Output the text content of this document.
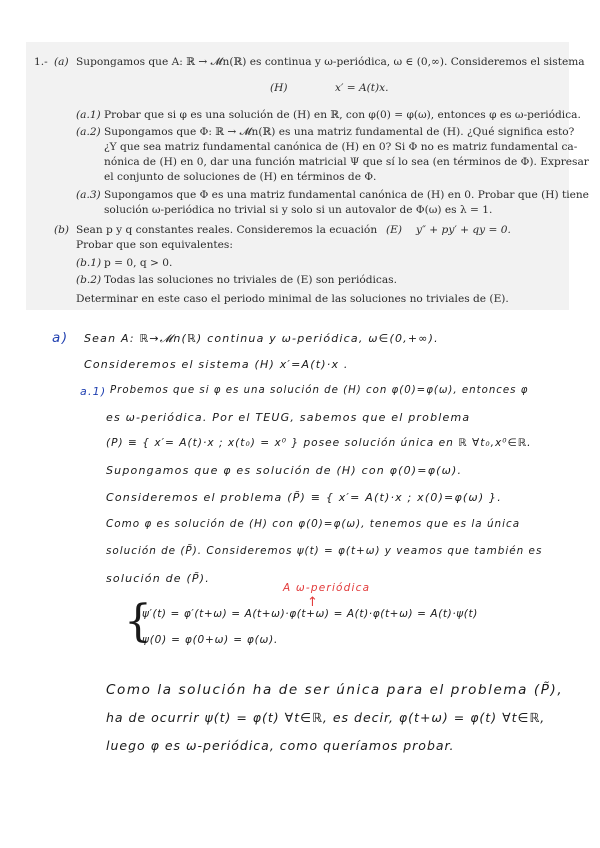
1.- (a) Supongamos que A: ℝ → 𝓜n(ℝ) es continua y ω-periódica, ω ∈ (0,∞). Consideremos el sistema
(H)	x′ = A(t)x.
(a.1) Probar que si φ es una solución de (H) en ℝ, con φ(0) = φ(ω), entonces φ es ω-periódica.
(a.2) Supongamos que Φ: ℝ → 𝓜n(ℝ) es una matriz fundamental de (H). ¿Qué significa esto?
¿Y que sea matriz fundamental canónica de (H) en 0? Si Φ no es matriz fundamental ca-
nónica de (H) en 0, dar una función matricial Ψ que sí lo sea (en términos de Φ). Expresar
el conjunto de soluciones de (H) en términos de Φ.
(a.3) Supongamos que Φ es una matriz fundamental canónica de (H) en 0. Probar que (H) tiene
solución ω-periódica no trivial si y solo si un autovalor de Φ(ω) es λ = 1.
(b) Sean p y q constantes reales. Consideremos la ecuación (E) y″ + py′ + qy = 0.
Probar que son equivalentes:
(b.1) p = 0, q > 0.
(b.2) Todas las soluciones no triviales de (E) son periódicas.
Determinar en este caso el periodo minimal de las soluciones no triviales de (E).
a) Sean A: ℝ→𝓜n(ℝ) continua y ω-periódica, ω∈(0,+∞).
Consideremos el sistema (H) x′=A(t)·x .
a.1) Probemos que si φ es una solución de (H) con φ(0)=φ(ω), entonces φ
es ω-periódica. Por el TEUG, sabemos que el problema
(P) ≡ { x′= A(t)·x ; x(t₀) = x⁰ } posee solución única en ℝ ∀t₀,x⁰∈ℝ.
Supongamos que φ es solución de (H) con φ(0)=φ(ω).
Consideremos el problema (P̃) ≡ { x′= A(t)·x ; x(0)=φ(ω) }.
Como φ es solución de (H) con φ(0)=φ(ω), tenemos que es la única
solución de (P̃). Consideremos ψ(t) = φ(t+ω) y veamos que también es
solución de (P̃).
A ω-periódica
↑
{
ψ′(t) = φ′(t+ω) = A(t+ω)·φ(t+ω) = A(t)·φ(t+ω) = A(t)·ψ(t)
ψ(0) = φ(0+ω) = φ(ω).
Como la solución ha de ser única para el problema (P̃),
ha de ocurrir ψ(t) = φ(t) ∀t∈ℝ, es decir, φ(t+ω) = φ(t) ∀t∈ℝ,
luego φ es ω-periódica, como queríamos probar.
